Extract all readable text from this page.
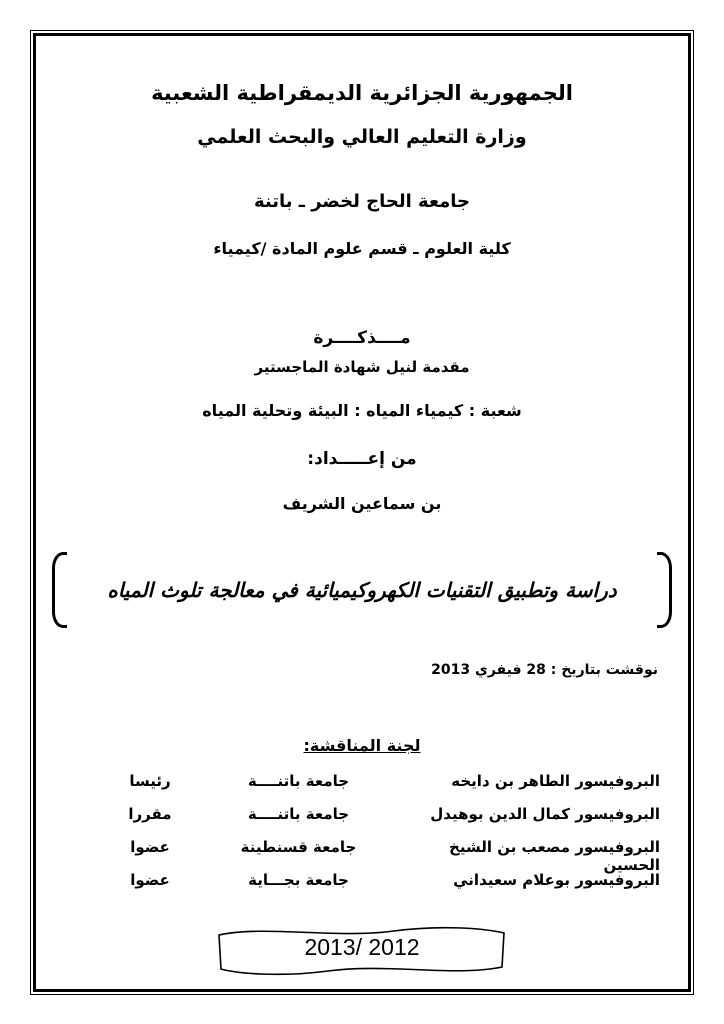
الجمهورية الجزائرية الديمقراطية الشعبية
وزارة التعليم العالي والبحث العلمي
جامعة الحاج لخضر ـ باتنة
كلية العلوم ـ قسم علوم المادة /كيمياء
مــــذكــــرة
مقدمة لنيل شهادة الماجستير
شعبة : كيمياء المياه : البيئة وتحلية المياه
من إعـــــداد:
بن سماعين الشريف
دراسة وتطبيق التقنيات الكهروكيميائية في معالجة تلوث المياه
نوقشت بتاريخ : 28 فيفري 2013
لجنة المناقشة:
البروفيسور الطاهر بن دايخه
جامعة باتنــــة
رئيسا
البروفيسور كمال الدين بوهيدل
جامعة باتنــــة
مقررا
البروفيسور مصعب بن الشيخ الحسين
جامعة قسنطينة
عضوا
البروفيسور بوعلام سعيداني
جامعة بجـــاية
عضوا
2013/ 2012
